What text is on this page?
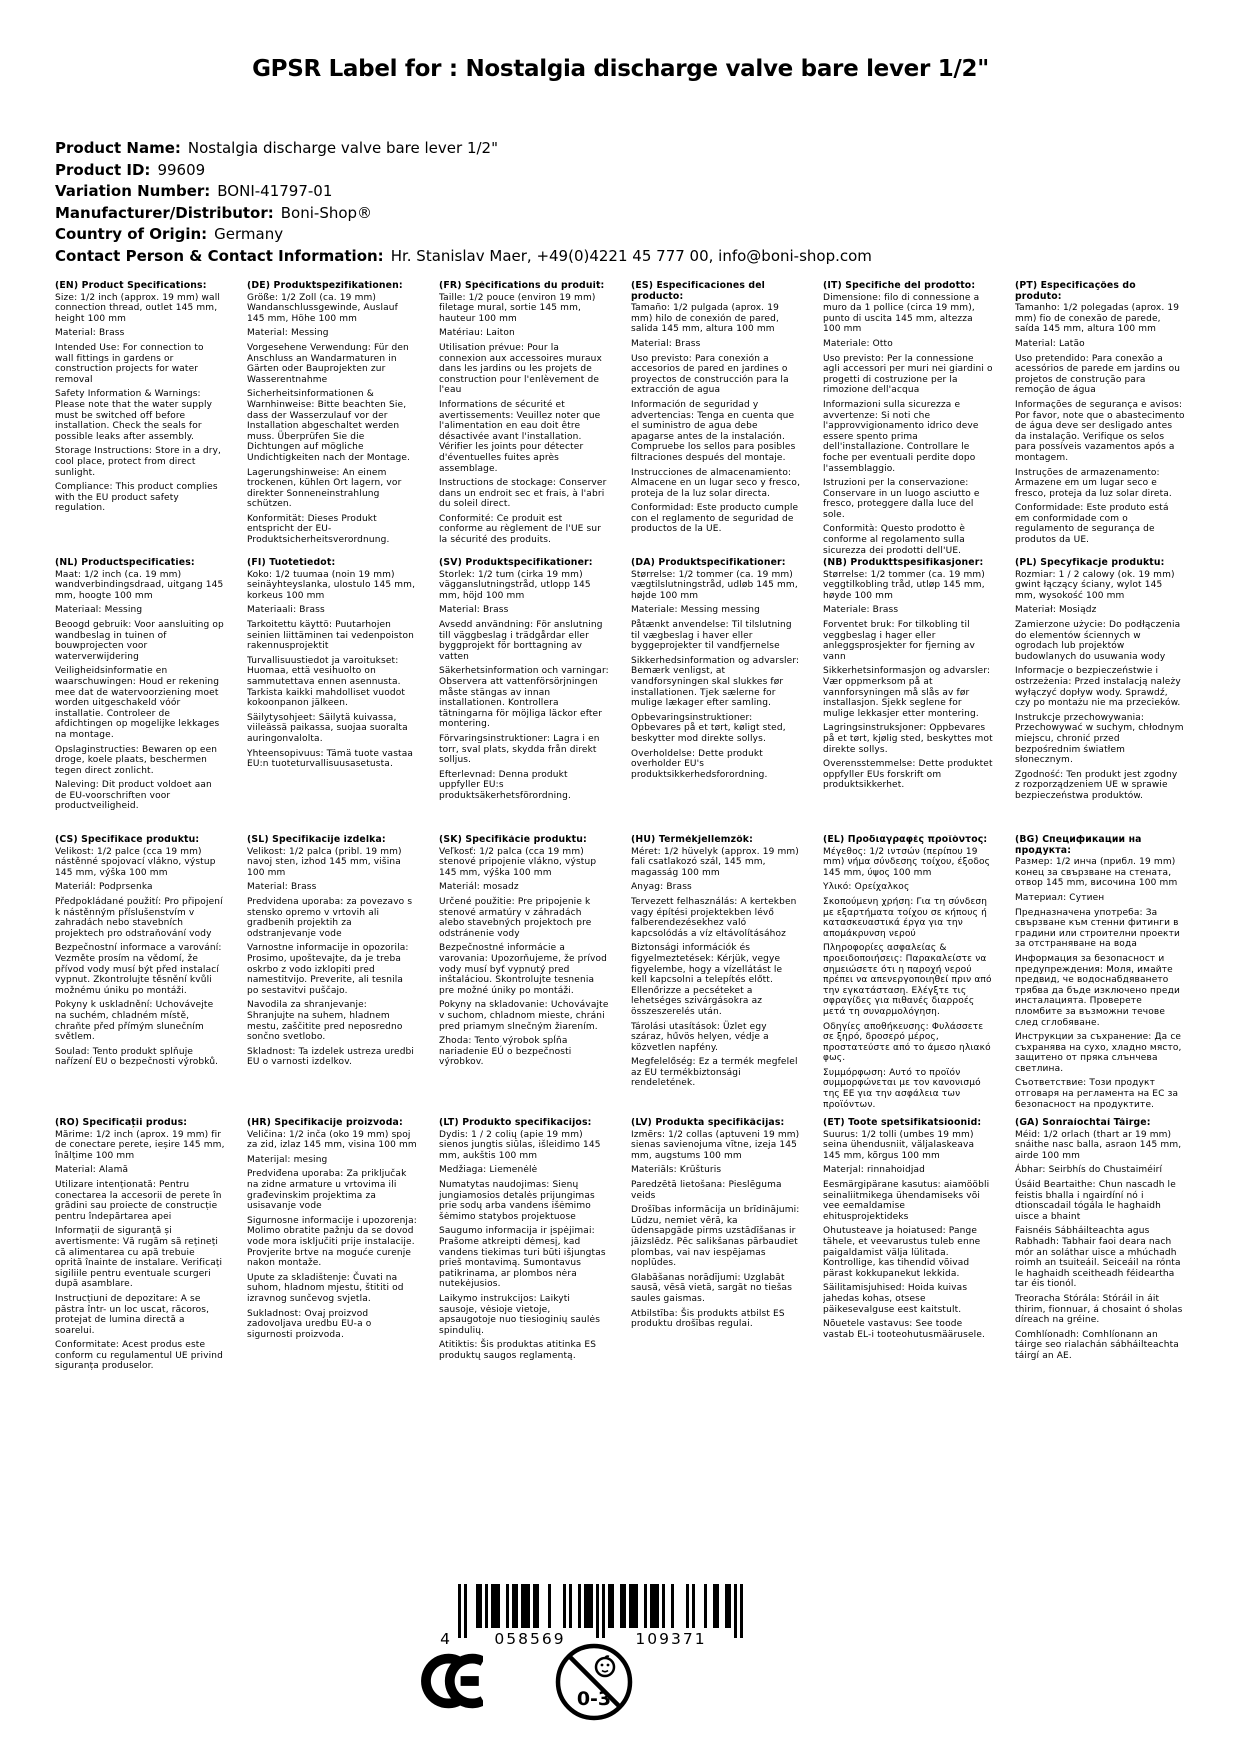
GPSR Label for : Nostalgia discharge valve bare lever 1/2"
Product Name: Nostalgia discharge valve bare lever 1/2"
Product ID: 99609
Variation Number: BONI-41797-01
Manufacturer/Distributor: Boni-Shop®
Country of Origin: Germany
Contact Person & Contact Information: Hr. Stanislav Maer, +49(0)4221 45 777 00, info@boni-shop.com
(EN) Product Specifications:

Size: 1/2 inch (approx. 19 mm) wall connection thread, outlet 145 mm, height 100 mm

Material: Brass

Intended Use: For connection to wall fittings in gardens or construction projects for water removal

Safety Information & Warnings: Please note that the water supply must be switched off before installation. Check the seals for possible leaks after assembly.

Storage Instructions: Store in a dry, cool place, protect from direct sunlight.

Compliance: This product complies with the EU product safety regulation.

(DE) Produktspezifikationen:

Größe: 1/2 Zoll (ca. 19 mm) Wandanschlussgewinde, Auslauf 145 mm, Höhe 100 mm

Material: Messing

Vorgesehene Verwendung: Für den Anschluss an Wandarmaturen in Gärten oder Bauprojekten zur Wasserentnahme

Sicherheitsinformationen & Warnhinweise: Bitte beachten Sie, dass der Wasserzulauf vor der Installation abgeschaltet werden muss. Überprüfen Sie die Dichtungen auf mögliche Undichtigkeiten nach der Montage.

Lagerungshinweise: An einem trockenen, kühlen Ort lagern, vor direkter Sonneneinstrahlung schützen.

Konformität: Dieses Produkt entspricht der EU-Produktsicherheitsverordnung.

(FR) Spécifications du produit:

Taille: 1/2 pouce (environ 19 mm) filetage mural, sortie 145 mm, hauteur 100 mm

Matériau: Laiton

Utilisation prévue: Pour la connexion aux accessoires muraux dans les jardins ou les projets de construction pour l'enlèvement de l'eau

Informations de sécurité et avertissements: Veuillez noter que l'alimentation en eau doit être désactivée avant l'installation. Vérifier les joints pour détecter d'éventuelles fuites après assemblage.

Instructions de stockage: Conserver dans un endroit sec et frais, à l'abri du soleil direct.

Conformité: Ce produit est conforme au règlement de l'UE sur la sécurité des produits.

(ES) Especificaciones del producto:

Tamaño: 1/2 pulgada (aprox. 19 mm) hilo de conexión de pared, salida 145 mm, altura 100 mm

Material: Brass

Uso previsto: Para conexión a accesorios de pared en jardines o proyectos de construcción para la extracción de agua

Información de seguridad y advertencias: Tenga en cuenta que el suministro de agua debe apagarse antes de la instalación. Compruebe los sellos para posibles filtraciones después del montaje.

Instrucciones de almacenamiento: Almacene en un lugar seco y fresco, proteja de la luz solar directa.

Conformidad: Este producto cumple con el reglamento de seguridad de productos de la UE.

(IT) Specifiche del prodotto:

Dimensione: filo di connessione a muro da 1 pollice (circa 19 mm), punto di uscita 145 mm, altezza 100 mm

Materiale: Otto

Uso previsto: Per la connessione agli accessori per muri nei giardini o progetti di costruzione per la rimozione dell'acqua

Informazioni sulla sicurezza e avvertenze: Si noti che l'approvvigionamento idrico deve essere spento prima dell'installazione. Controllare le foche per eventuali perdite dopo l'assemblaggio.

Istruzioni per la conservazione: Conservare in un luogo asciutto e fresco, proteggere dalla luce del sole.

Conformità: Questo prodotto è conforme al regolamento sulla sicurezza dei prodotti dell'UE.

(PT) Especificações do produto:

Tamanho: 1/2 polegadas (aprox. 19 mm) fio de conexão de parede, saída 145 mm, altura 100 mm

Material: Latão

Uso pretendido: Para conexão a acessórios de parede em jardins ou projetos de construção para remoção de água

Informações de segurança e avisos: Por favor, note que o abastecimento de água deve ser desligado antes da instalação. Verifique os selos para possíveis vazamentos após a montagem.

Instruções de armazenamento: Armazene em um lugar seco e fresco, proteja da luz solar direta.

Conformidade: Este produto está em conformidade com o regulamento de segurança de produtos da UE.

(NL) Productspecificaties:

Maat: 1/2 inch (ca. 19 mm) wandverbindingsdraad, uitgang 145 mm, hoogte 100 mm

Materiaal: Messing

Beoogd gebruik: Voor aansluiting op wandbeslag in tuinen of bouwprojecten voor waterverwijdering

Veiligheidsinformatie en waarschuwingen: Houd er rekening mee dat de watervoorziening moet worden uitgeschakeld vóór installatie. Controleer de afdichtingen op mogelijke lekkages na montage.

Opslaginstructies: Bewaren op een droge, koele plaats, beschermen tegen direct zonlicht.

Naleving: Dit product voldoet aan de EU-voorschriften voor productveiligheid.

(FI) Tuotetiedot:

Koko: 1/2 tuumaa (noin 19 mm) seinäyhteyslanka, ulostulo 145 mm, korkeus 100 mm

Materiaali: Brass

Tarkoitettu käyttö: Puutarhojen seinien liittäminen tai vedenpoiston rakennusprojektit

Turvallisuustiedot ja varoitukset: Huomaa, että vesihuolto on sammutettava ennen asennusta. Tarkista kaikki mahdolliset vuodot kokoonpanon jälkeen.

Säilytysohjeet: Säilytä kuivassa, viileässä paikassa, suojaa suoralta auringonvalolta.

Yhteensopivuus: Tämä tuote vastaa EU:n tuoteturvallisuusasetusta.

(SV) Produktspecifikationer:

Storlek: 1/2 tum (cirka 19 mm) vägganslutningstråd, utlopp 145 mm, höjd 100 mm

Material: Brass

Avsedd användning: För anslutning till väggbeslag i trädgårdar eller byggprojekt för borttagning av vatten

Säkerhetsinformation och varningar: Observera att vattenförsörjningen måste stängas av innan installationen. Kontrollera tätningarna för möjliga läckor efter montering.

Förvaringsinstruktioner: Lagra i en torr, sval plats, skydda från direkt solljus.

Efterlevnad: Denna produkt uppfyller EU:s produktsäkerhetsförordning.

(DA) Produktspecifikationer:

Størrelse: 1/2 tommer (ca. 19 mm) vægtilslutningstråd, udløb 145 mm, højde 100 mm

Materiale: Messing messing

Påtænkt anvendelse: Til tilslutning til vægbeslag i haver eller byggeprojekter til vandfjernelse

Sikkerhedsinformation og advarsler: Bemærk venligst, at vandforsyningen skal slukkes før installationen. Tjek sælerne for mulige lækager efter samling.

Opbevaringsinstruktioner: Opbevares på et tørt, køligt sted, beskytter mod direkte sollys.

Overholdelse: Dette produkt overholder EU's produktsikkerhedsforordning.

(NB) Produkttspesifikasjoner:

Størrelse: 1/2 tommer (ca. 19 mm) veggtilkobling tråd, utløp 145 mm, høyde 100 mm

Materiale: Brass

Forventet bruk: For tilkobling til veggbeslag i hager eller anleggsprosjekter for fjerning av vann

Sikkerhetsinformasjon og advarsler: Vær oppmerksom på at vannforsyningen må slås av før installasjon. Sjekk seglene for mulige lekkasjer etter montering.

Lagringsinstruksjoner: Oppbevares på et tørt, kjølig sted, beskyttes mot direkte sollys.

Overensstemmelse: Dette produktet oppfyller EUs forskrift om produktsikkerhet.

(PL) Specyfikacje produktu:

Rozmiar: 1 / 2 calowy (ok. 19 mm) gwint łączący ściany, wylot 145 mm, wysokość 100 mm

Materiał: Mosiądz

Zamierzone użycie: Do podłączenia do elementów ściennych w ogrodach lub projektów budowlanych do usuwania wody

Informacje o bezpieczeństwie i ostrzeżenia: Przed instalacją należy wyłączyć dopływ wody. Sprawdź, czy po montażu nie ma przecieków.

Instrukcje przechowywania: Przechowywać w suchym, chłodnym miejscu, chronić przed bezpośrednim światłem słonecznym.

Zgodność: Ten produkt jest zgodny z rozporządzeniem UE w sprawie bezpieczeństwa produktów.

(CS) Specifikace produktu:

Velikost: 1/2 palce (cca 19 mm) nástěnné spojovací vlákno, výstup 145 mm, výška 100 mm

Materiál: Podprsenka

Předpokládané použití: Pro připojení k nástěnným příslušenstvím v zahradách nebo stavebních projektech pro odstraňování vody

Bezpečnostní informace a varování: Vezměte prosím na vědomí, že přívod vody musí být před instalací vypnut. Zkontrolujte těsnění kvůli možnému úniku po montáži.

Pokyny k uskladnění: Uchovávejte na suchém, chladném místě, chraňte před přímým slunečním světlem.

Soulad: Tento produkt splňuje nařízení EU o bezpečnosti výrobků.

(SL) Specifikacije izdelka:

Velikost: 1/2 palca (pribl. 19 mm) navoj sten, izhod 145 mm, višina 100 mm

Material: Brass

Predvidena uporaba: za povezavo s stensko opremo v vrtovih ali gradbenih projektih za odstranjevanje vode

Varnostne informacije in opozorila: Prosimo, upoštevajte, da je treba oskrbo z vodo izklopiti pred namestitvijo. Preverite, ali tesnila po sestavitvi puščajo.

Navodila za shranjevanje: Shranjujte na suhem, hladnem mestu, zaščitite pred neposredno sončno svetlobo.

Skladnost: Ta izdelek ustreza uredbi EU o varnosti izdelkov.

(SK) Špecifikácie produktu:

Veľkosť: 1/2 palca (cca 19 mm) stenové pripojenie vlákno, výstup 145 mm, výška 100 mm

Materiál: mosadz

Určené použitie: Pre pripojenie k stenové armatúry v záhradách alebo stavebných projektoch pre odstránenie vody

Bezpečnostné informácie a varovania: Upozorňujeme, že prívod vody musí byť vypnutý pred inštaláciou. Skontrolujte tesnenia pre možné úniky po montáži.

Pokyny na skladovanie: Uchovávajte v suchom, chladnom mieste, chráni pred priamym slnečným žiarením.

Zhoda: Tento výrobok spĺňa nariadenie EÚ o bezpečnosti výrobkov.

(HU) Termékjellemzők:

Méret: 1/2 hüvelyk (approx. 19 mm) fali csatlakozó szál, 145 mm, magasság 100 mm

Anyag: Brass

Tervezett felhasználás: A kertekben vagy építési projektekben lévő falberendezésekhez való kapcsolódás a víz eltávolításához

Biztonsági információk és figyelmeztetések: Kérjük, vegye figyelembe, hogy a vízellátást le kell kapcsolni a telepítés előtt. Ellenőrizze a pecséteket a lehetséges szivárgásokra az összeszerelés után.

Tárolási utasítások: Üzlet egy száraz, hűvös helyen, védje a közvetlen napfény.

Megfelelőség: Ez a termék megfelel az EU termékbiztonsági rendeletének.

(EL) Προδιαγραφές προϊόντος:

Μέγεθος: 1/2 ιντσών (περίπου 19 mm) νήμα σύνδεσης τοίχου, έξοδος 145 mm, ύψος 100 mm

Υλικό: Ορείχαλκος

Σκοπούμενη χρήση: Για τη σύνδεση με εξαρτήματα τοίχου σε κήπους ή κατασκευαστικά έργα για την απομάκρυνση νερού

Πληροφορίες ασφαλείας & προειδοποιήσεις: Παρακαλείστε να σημειώσετε ότι η παροχή νερού πρέπει να απενεργοποιηθεί πριν από την εγκατάσταση. Ελέγξτε τις σφραγίδες για πιθανές διαρροές μετά τη συναρμολόγηση.

Οδηγίες αποθήκευσης: Φυλάσσετε σε ξηρό, δροσερό μέρος, προστατεύστε από το άμεσο ηλιακό φως.

Συμμόρφωση: Αυτό το προϊόν συμμορφώνεται με τον κανονισμό της ΕΕ για την ασφάλεια των προϊόντων.

(BG) Спецификации на продукта:

Размер: 1/2 инча (прибл. 19 mm) конец за свързване на стената, отвор 145 mm, височина 100 mm

Материал: Сутиен

Предназначена употреба: За свързване към стенни фитинги в градини или строителни проекти за отстраняване на вода

Информация за безопасност и предупреждения: Моля, имайте предвид, че водоснабдяването трябва да бъде изключено преди инсталацията. Проверете пломбите за възможни течове след сглобяване.

Инструкции за съхранение: Да се съхранява на сухо, хладно място, защитено от пряка слънчева светлина.

Съответствие: Този продукт отговаря на регламента на ЕС за безопасност на продуктите.

(RO) Specificații produs:

Mărime: 1/2 inch (aprox. 19 mm) fir de conectare perete, ieșire 145 mm, înălțime 100 mm

Material: Alamă

Utilizare intenționată: Pentru conectarea la accesorii de perete în grădini sau proiecte de construcție pentru îndepărtarea apei

Informații de siguranță și avertismente: Vă rugăm să rețineți că alimentarea cu apă trebuie oprită înainte de instalare. Verificați sigiliile pentru eventuale scurgeri după asamblare.

Instrucțiuni de depozitare: A se păstra într- un loc uscat, răcoros, protejat de lumina directă a soarelui.

Conformitate: Acest produs este conform cu regulamentul UE privind siguranța produselor.

(HR) Specifikacije proizvoda:

Veličina: 1/2 inča (oko 19 mm) spoj za zid, izlaz 145 mm, visina 100 mm

Materijal: mesing

Predviđena uporaba: Za priključak na zidne armature u vrtovima ili građevinskim projektima za usisavanje vode

Sigurnosne informacije i upozorenja: Molimo obratite pažnju da se dovod vode mora isključiti prije instalacije. Provjerite brtve na moguće curenje nakon montaže.

Upute za skladištenje: Čuvati na suhom, hladnom mjestu, štititi od izravnog sunčevog svjetla.

Sukladnost: Ovaj proizvod zadovoljava uredbu EU-a o sigurnosti proizvoda.

(LT) Produkto specifikacijos:

Dydis: 1 / 2 colių (apie 19 mm) sienos jungtis siūlas, išleidimo 145 mm, aukštis 100 mm

Medžiaga: Liemenėlė

Numatytas naudojimas: Sienų jungiamosios detalės prijungimas prie sodų arba vandens išėmimo šėmimo statybos projektuose

Saugumo informacija ir įspėjimai: Prašome atkreipti dėmesį, kad vandens tiekimas turi būti išjungtas prieš montavimą. Sumontavus patikrinama, ar plombos nėra nutekėjusios.

Laikymo instrukcijos: Laikyti sausoje, vėsioje vietoje, apsaugotoje nuo tiesioginių saulės spindulių.

Atitiktis: Šis produktas atitinka ES produktų saugos reglamentą.

(LV) Produkta specifikācijas:

Izmērs: 1/2 collas (aptuveni 19 mm) sienas savienojuma vītne, izeja 145 mm, augstums 100 mm

Materiāls: Krūšturis

Paredzētā lietošana: Pieslēguma veids

Drošības informācija un brīdinājumi: Lūdzu, nemiet vērā, ka ūdensapgāde pirms uzstādīšanas ir jāizslēdz. Pēc salikšanas pārbaudiet plombas, vai nav iespējamas noplūdes.

Glabāšanas norādījumi: Uzglabāt sausā, vēsā vietā, sargāt no tiešas saules gaismas.

Atbilstība: Šis produkts atbilst ES produktu drošības regulai.

(ET) Toote spetsifikatsioonid:

Suurus: 1/2 tolli (umbes 19 mm) seina ühendusniit, väljalaskeava 145 mm, kõrgus 100 mm

Materjal: rinnahoidjad

Eesmärgipärane kasutus: aiamööbli seinaliitmikega ühendamiseks või vee eemaldamise ehitusprojektideks

Ohutusteave ja hoiatused: Pange tähele, et veevarustus tuleb enne paigaldamist välja lülitada. Kontrollige, kas tihendid võivad pärast kokkupanekut lekkida.

Säilitamisjuhised: Hoida kuivas jahedas kohas, otsese päikesevalguse eest kaitstult.

Nõuetele vastavus: See toode vastab EL-i tooteohutusmäärusele.

(GA) Sonraíochtaí Táirge:

Méid: 1/2 orlach (thart ar 19 mm) snáithe nasc balla, asraon 145 mm, airde 100 mm

Ábhar: Seirbhís do Chustaiméirí

Úsáid Beartaithe: Chun nascadh le feistis bhalla i ngairdíní nó i dtionscadail tógála le haghaidh uisce a bhaint

Faisnéis Sábháilteachta agus Rabhadh: Tabhair faoi deara nach mór an soláthar uisce a mhúchadh roimh an tsuiteáil. Seiceáil na rónta le haghaidh sceitheadh féideartha tar éis tionól.

Treoracha Stórála: Stóráil in áit thirim, fionnuar, á chosaint ó sholas díreach na gréine.

Comhlíonadh: Comhlíonann an táirge seo rialachán sábháilteachta táirgí an AE.

4	058569	109371
0-3
